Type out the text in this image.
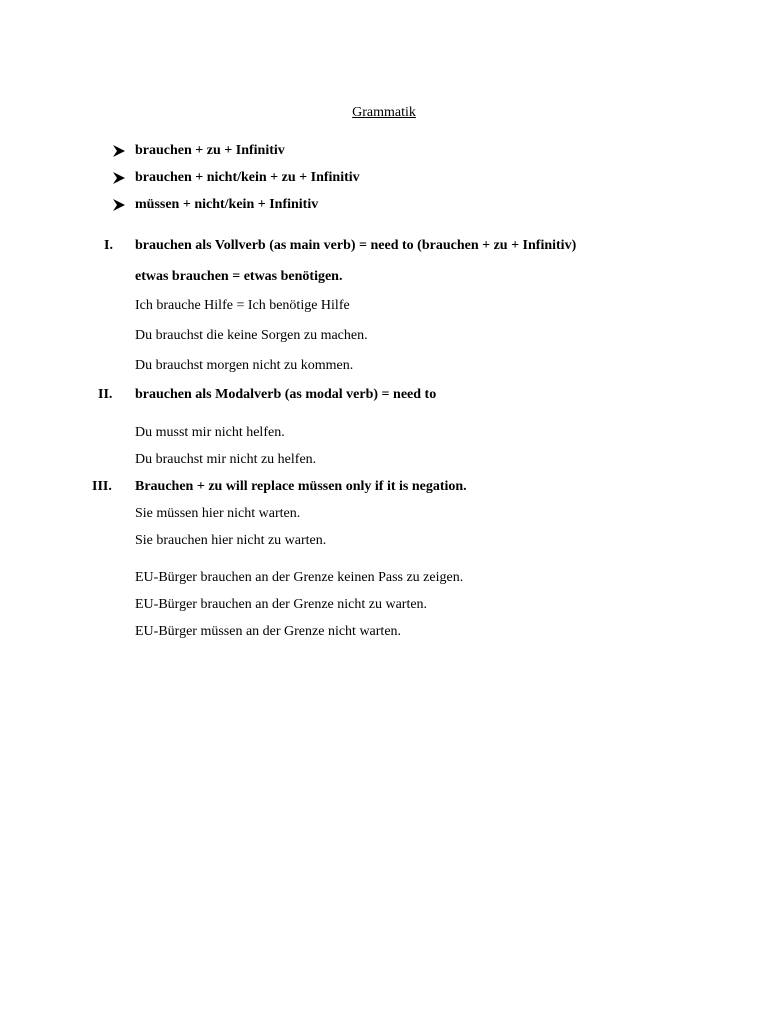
Grammatik
brauchen + zu + Infinitiv
brauchen + nicht/kein + zu + Infinitiv
müssen + nicht/kein + Infinitiv
I. brauchen als Vollverb (as main verb) = need to (brauchen + zu + Infinitiv)
etwas brauchen = etwas benötigen.
Ich brauche Hilfe = Ich benötige Hilfe
Du brauchst die keine Sorgen zu machen.
Du brauchst morgen nicht zu kommen.
II. brauchen als Modalverb (as modal verb) = need to
Du musst mir nicht helfen.
Du brauchst mir nicht zu helfen.
III. Brauchen + zu will replace müssen only if it is negation.
Sie müssen hier nicht warten.
Sie brauchen hier nicht zu warten.
EU-Bürger brauchen an der Grenze keinen Pass zu zeigen.
EU-Bürger brauchen an der Grenze nicht zu warten.
EU-Bürger müssen an der Grenze nicht warten.
